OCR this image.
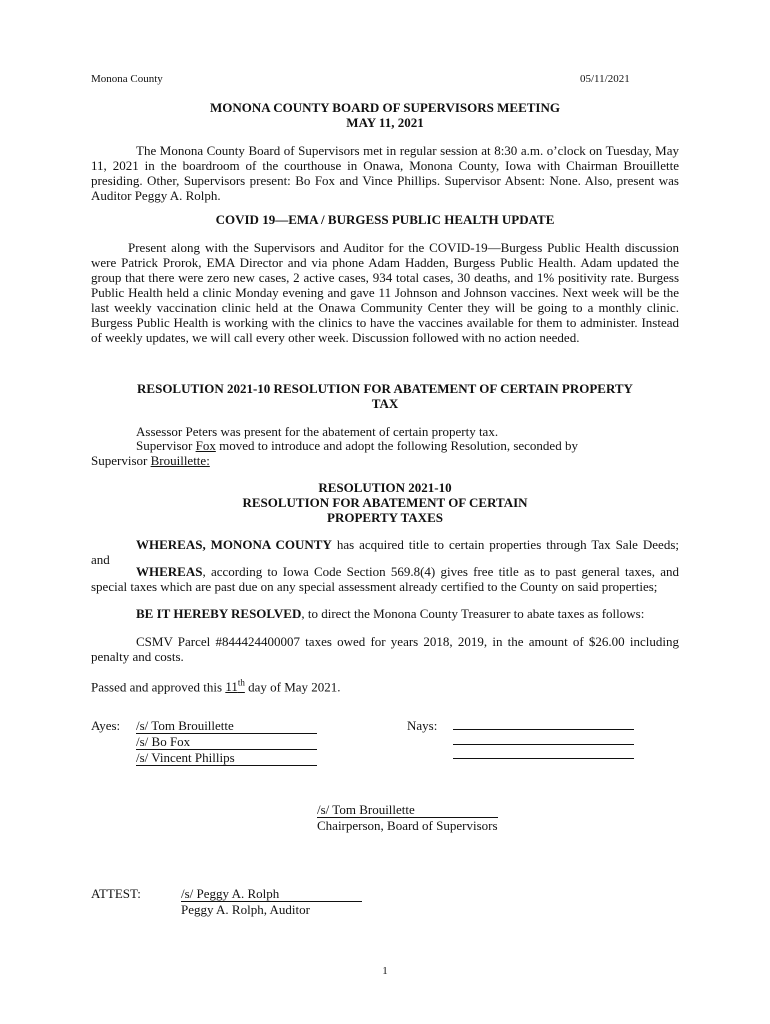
Monona County	05/11/2021
MONONA COUNTY BOARD OF SUPERVISORS MEETING
MAY 11, 2021

The Monona County Board of Supervisors met in regular session at 8:30 a.m. o’clock on Tuesday, May 11, 2021 in the boardroom of the courthouse in Onawa, Monona County, Iowa with Chairman Brouillette presiding. Other, Supervisors present: Bo Fox and Vince Phillips. Supervisor Absent: None. Also, present was Auditor Peggy A. Rolph.

COVID 19—EMA / BURGESS PUBLIC HEALTH UPDATE

Present along with the Supervisors and Auditor for the COVID-19—Burgess Public Health discussion were Patrick Prorok, EMA Director and via phone Adam Hadden, Burgess Public Health. Adam updated the group that there were zero new cases, 2 active cases, 934 total cases, 30 deaths, and 1% positivity rate. Burgess Public Health held a clinic Monday evening and gave 11 Johnson and Johnson vaccines. Next week will be the last weekly vaccination clinic held at the Onawa Community Center they will be going to a monthly clinic. Burgess Public Health is working with the clinics to have the vaccines available for them to administer. Instead of weekly updates, we will call every other week. Discussion followed with no action needed.

RESOLUTION 2021-10 RESOLUTION FOR ABATEMENT OF CERTAIN PROPERTY
TAX
Assessor Peters was present for the abatement of certain property tax.
Supervisor Fox moved to introduce and adopt the following Resolution, seconded by
Supervisor Brouillette:
RESOLUTION 2021-10
RESOLUTION FOR ABATEMENT OF CERTAIN
PROPERTY TAXES

WHEREAS, MONONA COUNTY has acquired title to certain properties through Tax Sale Deeds; and

WHEREAS, according to Iowa Code Section 569.8(4) gives free title as to past general taxes, and special taxes which are past due on any special assessment already certified to the County on said properties;

BE IT HEREBY RESOLVED, to direct the Monona County Treasurer to abate taxes as follows:

CSMV Parcel #844424400007 taxes owed for years 2018, 2019, in the amount of $26.00 including penalty and costs.

Passed and approved this 11th day of May 2021.
Ayes: /s/ Tom Brouillette
/s/ Bo Fox
/s/ Vincent Phillips
Nays:
/s/ Tom Brouillette
Chairperson, Board of Supervisors
ATTEST:	/s/ Peggy A. Rolph
Peggy A. Rolph, Auditor
1
